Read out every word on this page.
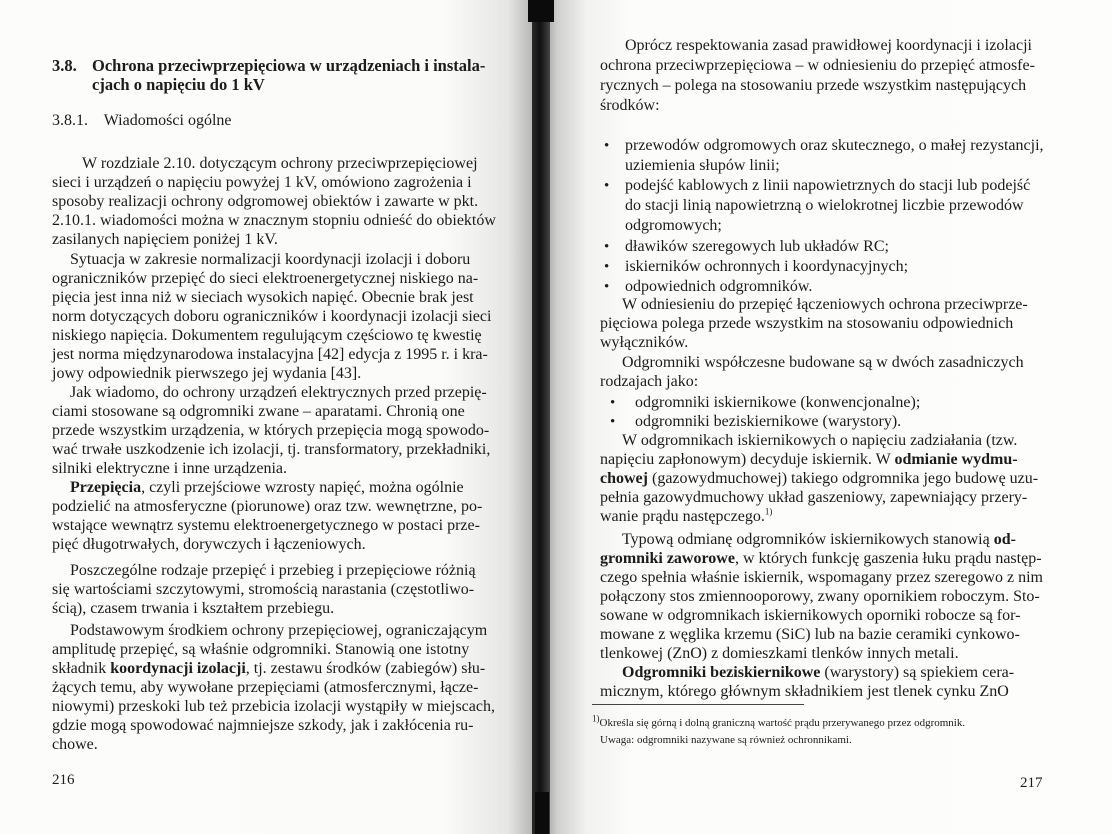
3.8. Ochrona przeciwprzepięciowa w urządzeniach i instala-
cjach o napięciu do 1 kV
3.8.1.    Wiadomości ogólne
W rozdziale 2.10. dotyczącym ochrony przeciwprzepięciowej
sieci i urządzeń o napięciu powyżej 1 kV, omówiono zagrożenia i
sposoby realizacji ochrony odgromowej obiektów i zawarte w pkt.
2.10.1. wiadomości można w znacznym stopniu odnieść do obiektów
zasilanych napięciem poniżej 1 kV.
Sytuacja w zakresie normalizacji koordynacji izolacji i doboru
ograniczników przepięć do sieci elektroenergetycznej niskiego na-
pięcia jest inna niż w sieciach wysokich napięć. Obecnie brak jest
norm dotyczących doboru ograniczników i koordynacji izolacji sieci
niskiego napięcia. Dokumentem regulującym częściowo tę kwestię
jest norma międzynarodowa instalacyjna [42] edycja z 1995 r. i kra-
jowy odpowiednik pierwszego jej wydania [43].
Jak wiadomo, do ochrony urządzeń elektrycznych przed przepię-
ciami stosowane są odgromniki zwane – aparatami. Chronią one
przede wszystkim urządzenia, w których przepięcia mogą spowodo-
wać trwałe uszkodzenie ich izolacji, tj. transformatory, przekładniki,
silniki elektryczne i inne urządzenia.
Przepięcia, czyli przejściowe wzrosty napięć, można ogólnie
podzielić na atmosferyczne (piorunowe) oraz tzw. wewnętrzne, po-
wstające wewnątrz systemu elektroenergetycznego w postaci prze-
pięć długotrwałych, dorywczych i łączeniowych.
Poszczególne rodzaje przepięć i przebieg i przepięciowe różnią
się wartościami szczytowymi, stromością narastania (częstotliwo-
ścią), czasem trwania i kształtem przebiegu.
Podstawowym środkiem ochrony przepięciowej, ograniczającym
amplitudę przepięć, są właśnie odgromniki. Stanowią one istotny
składnik koordynacji izolacji, tj. zestawu środków (zabiegów) słu-
żących temu, aby wywołane przepięciami (atmosfercznymi, łącze-
niowymi) przeskoki lub też przebicia izolacji wystąpiły w miejscach,
gdzie mogą spowodować najmniejsze szkody, jak i zakłócenia ru-
chowe.
216
Oprócz respektowania zasad prawidłowej koordynacji i izolacji
ochrona przeciwprzepięciowa – w odniesieniu do przepięć atmosfe-
rycznych – polega na stosowaniu przede wszystkim następujących
środków:
• przewodów odgromowych oraz skutecznego, o małej rezystancji,
uziemienia słupów linii;
• podejść kablowych z linii napowietrznych do stacji lub podejść
do stacji linią napowietrzną o wielokrotnej liczbie przewodów
odgromowych;
• dławików szeregowych lub układów RC;
• iskierników ochronnych i koordynacyjnych;
• odpowiednich odgromników.
W odniesieniu do przepięć łączeniowych ochrona przeciwprze-
pięciowa polega przede wszystkim na stosowaniu odpowiednich
wyłączników.
Odgromniki współczesne budowane są w dwóch zasadniczych
rodzajach jako:
• odgromniki iskiernikowe (konwencjonalne);
• odgromniki beziskiernikowe (warystory).
W odgromnikach iskiernikowych o napięciu zadziałania (tzw.
napięciu zapłonowym) decyduje iskiernik. W odmianie wydmu-
chowej (gazowydmuchowej) takiego odgromnika jego budowę uzu-
pełnia gazowydmuchowy układ gaszeniowy, zapewniający przery-
wanie prądu następczego.$^{1)}$
Typową odmianę odgromników iskiernikowych stanowią od-
gromniki zaworowe, w których funkcję gaszenia łuku prądu następ-
czego spełnia właśnie iskiernik, wspomagany przez szeregowo z nim
połączony stos zmiennooporowy, zwany opornikiem roboczym. Sto-
sowane w odgromnikach iskiernikowych oporniki robocze są for-
mowane z węglika krzemu (SiC) lub na bazie ceramiki cynkowo-
tlenkowej (ZnO) z domieszkami tlenków innych metali.
Odgromniki beziskiernikowe (warystory) są spiekiem cera-
micznym, którego głównym składnikiem jest tlenek cynku ZnO
$^{1)}$Określa się górną i dolną graniczną wartość prądu przerywanego przez odgromnik.
Uwaga: odgromniki nazywane są również ochronnikami.
217
